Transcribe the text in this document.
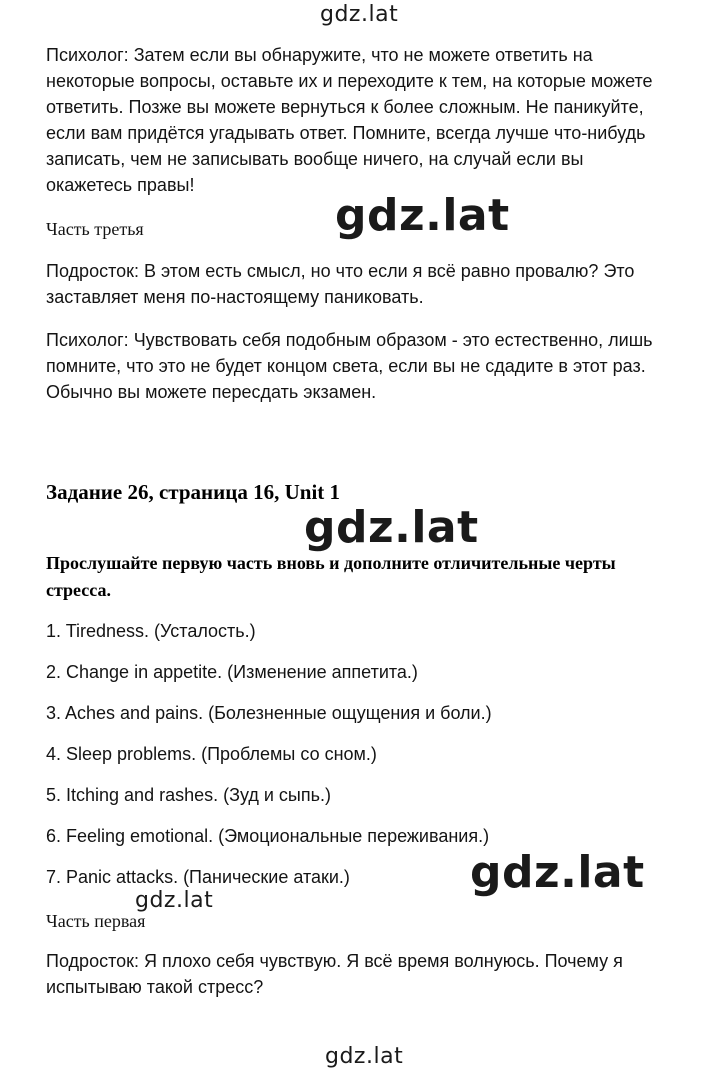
gdz.lat
Психолог: Затем если вы обнаружите, что не можете ответить на некоторые вопросы, оставьте их и переходите к тем, на которые можете ответить. Позже вы можете вернуться к более сложным. Не паникуйте, если вам придётся угадывать ответ. Помните, всегда лучше что-нибудь записать, чем не записывать вообще ничего, на случай если вы окажетесь правы!
gdz.lat
Часть третья
Подросток: В этом есть смысл, но что если я всё равно провалю? Это заставляет меня по-настоящему паниковать.
Психолог: Чувствовать себя подобным образом - это естественно, лишь помните, что это не будет концом света, если вы не сдадите в этот раз. Обычно вы можете пересдать экзамен.
Задание 26, страница 16, Unit 1
gdz.lat
Прослушайте первую часть вновь и дополните отличительные черты стресса.
1. Tiredness. (Усталость.)
2. Change in appetite. (Изменение аппетита.)
3. Aches and pains. (Болезненные ощущения и боли.)
4. Sleep problems. (Проблемы со сном.)
5. Itching and rashes. (Зуд и сыпь.)
6. Feeling emotional. (Эмоциональные переживания.)
7. Panic attacks. (Панические атаки.)	gdz.lat
gdz.lat
Часть первая
Подросток: Я плохо себя чувствую. Я всё время волнуюсь. Почему я испытываю такой стресс?
gdz.lat
